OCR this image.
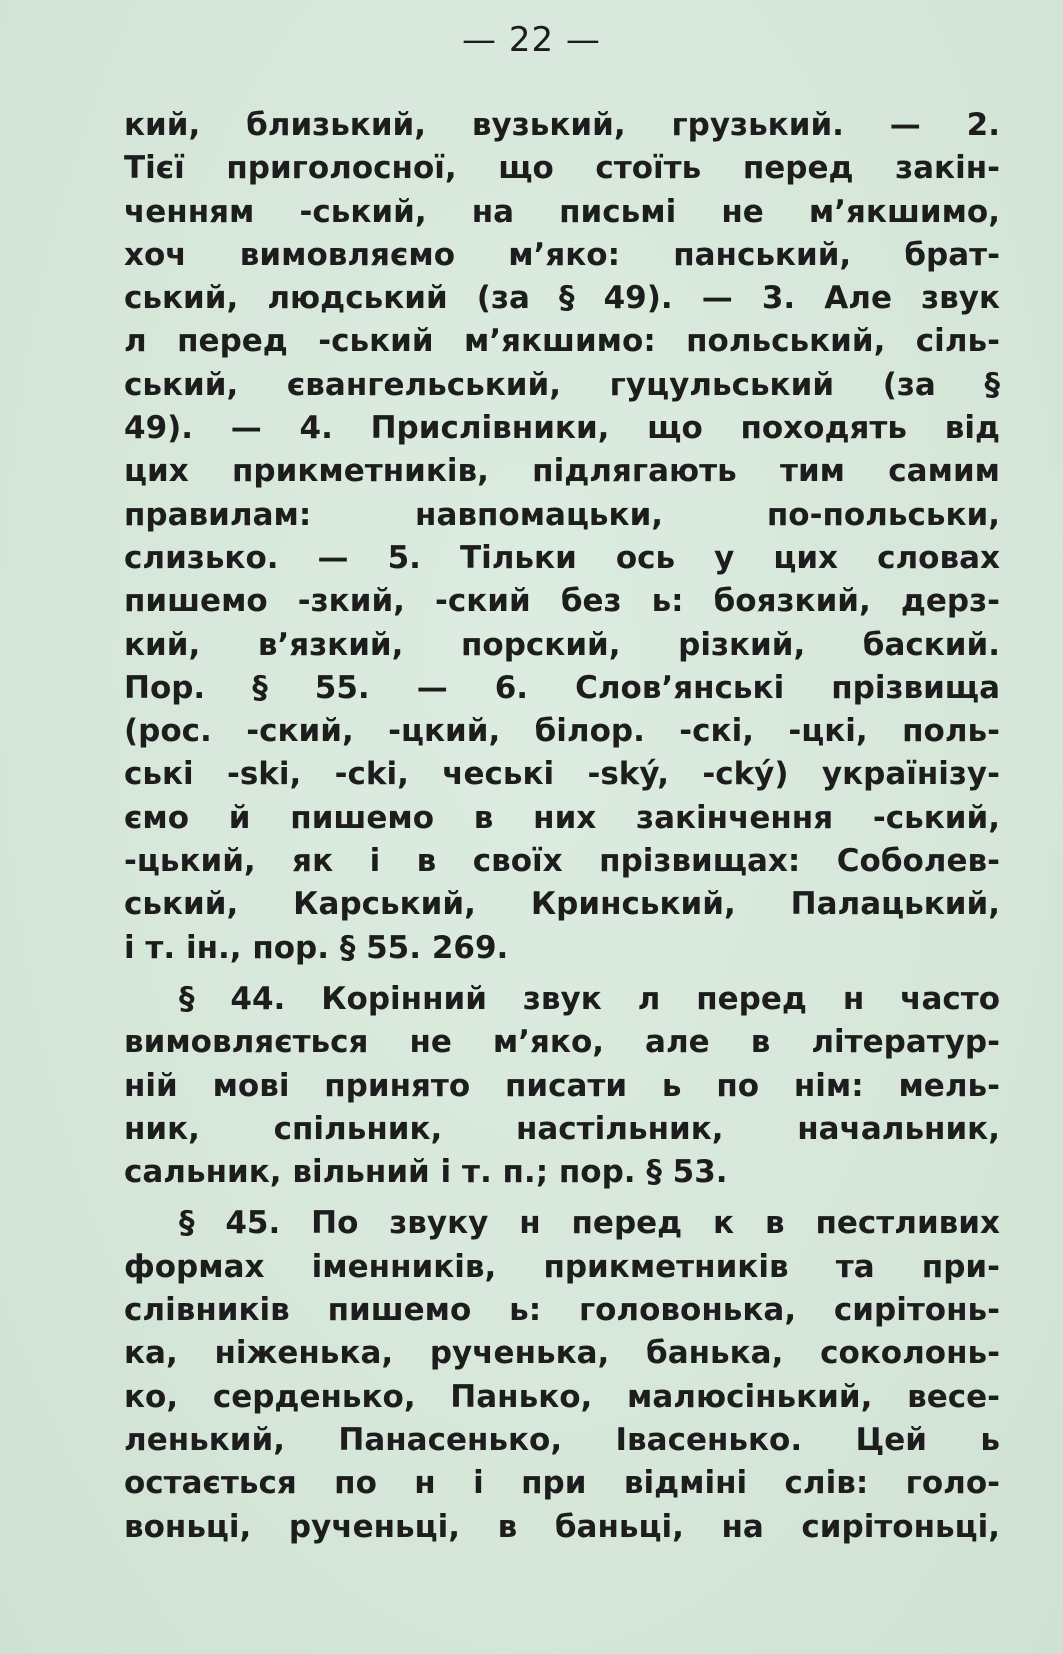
— 22 —
кий, близький, вузький, грузький. — 2.
Тієї приголосної, що стоїть перед закін-
ченням -ський, на письмі не м’якшимо,
хоч вимовляємо м’яко: панський, брат-
ський, людський (за § 49). — 3. Але звук
л перед -ський м’якшимо: польський, сіль-
ський, євангельський, гуцульський (за §
49). — 4. Прислівники, що походять від
цих прикметників, підлягають тим самим
правилам: навпомацьки, по-польськи,
слизько. — 5. Тільки ось у цих словах
пишемо -зкий, -ский без ь: боязкий, дерз-
кий, в’язкий, порский, різкий, баский.
Пор. § 55. — 6. Слов’янські прізвища
(рос. -ский, -цкий, білор. -скі, -цкі, поль-
ські -ski, -cki, чеські -ský, -cký) українізу-
ємо й пишемо в них закінчення -ський,
-цький, як і в своїх прізвищах: Соболев-
ський, Карський, Кринський, Палацький,
і т. ін., пор. § 55. 269.
§ 44. Корінний звук л перед н часто
вимовляється не м’яко, але в літератур-
ній мові принято писати ь по нім: мель-
ник, спільник, настільник, начальник,
сальник, вільний і т. п.; пор. § 53.
§ 45. По звуку н перед к в пестливих
формах іменників, прикметників та при-
слівників пишемо ь: головонька, сирітонь-
ка, ніженька, рученька, банька, соколонь-
ко, серденько, Панько, малюсінький, весе-
ленький, Панасенько, Івасенько. Цей ь
остається по н і при відміні слів: голо-
воньці, рученьці, в баньці, на сирітоньці,
